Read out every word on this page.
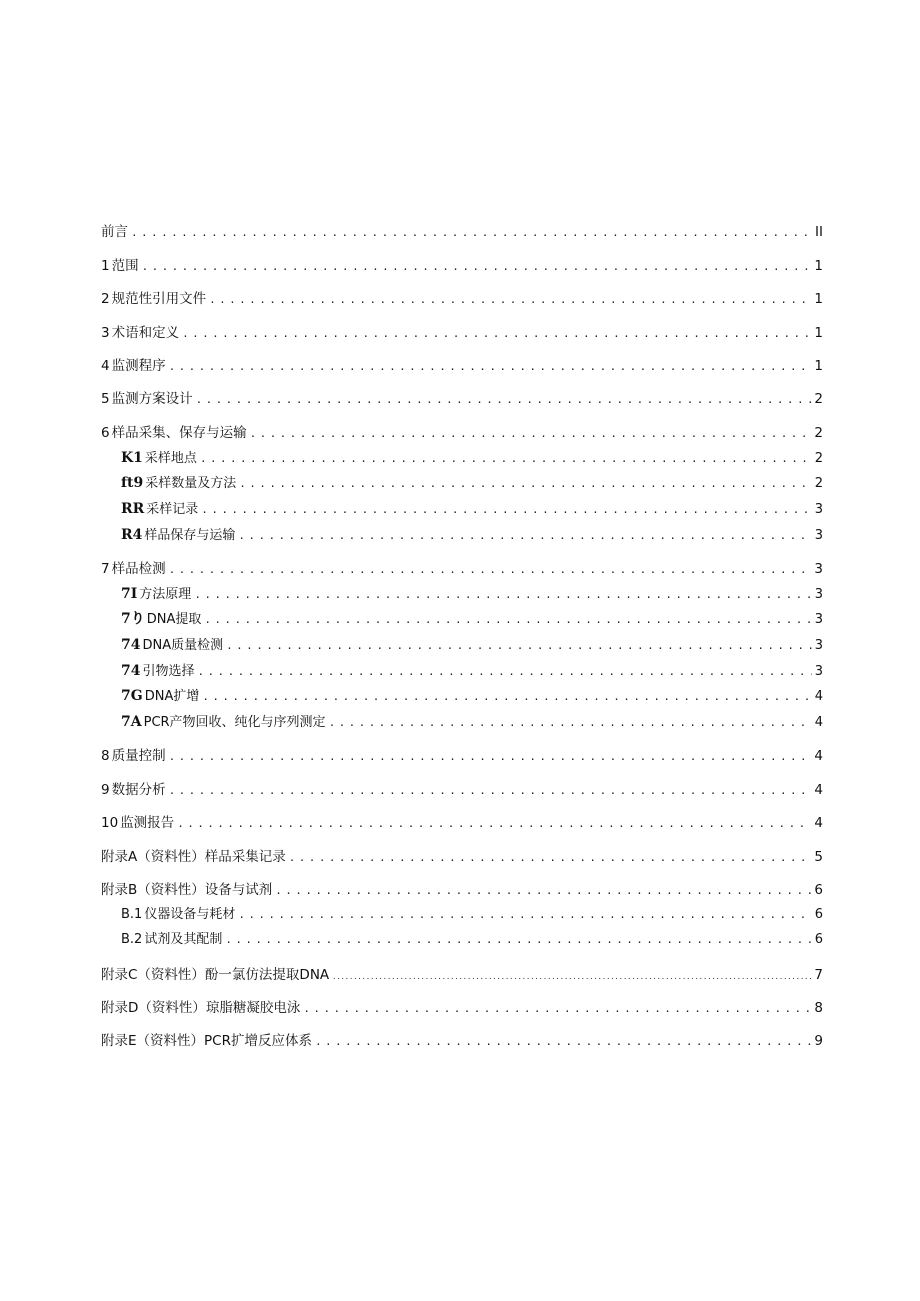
前言 .....	II
1 范围 .....	1
2 规范性引用文件 .....	1
3 术语和定义 .....	1
4 监测程序 .....	1
5 监测方案设计 .....	2
6 样品采集、保存与运输 .....	2
K1 采样地点 .....	2
ft9 采样数量及方法 .....	2
RR 采样记录 .....	3
R4 样品保存与运输 .....	3
7 样品检测 .....	3
7I 方法原理 .....	3
7り DNA提取 .....	3
74 DNA质量检测 .....	3
74 引物选择 .....	3
7G DNA扩增 .....	4
7A PCR产物回收、纯化与序列测定 .....	4
8 质量控制 .....	4
9 数据分析 .....	4
10 监测报告 .....	4
附录A（资料性）样品采集记录 .....	5
附录B（资料性）设备与试剂 .....	6
B.1 仪器设备与耗材 .....	6
B.2 试剂及其配制 .....	6
附录C（资料性）酚一氯仿法提取DNA .....	7
附录D（资料性）琼脂糖凝胶电泳 .....	8
附录E（资料性）PCR扩增反应体系 .....	9
